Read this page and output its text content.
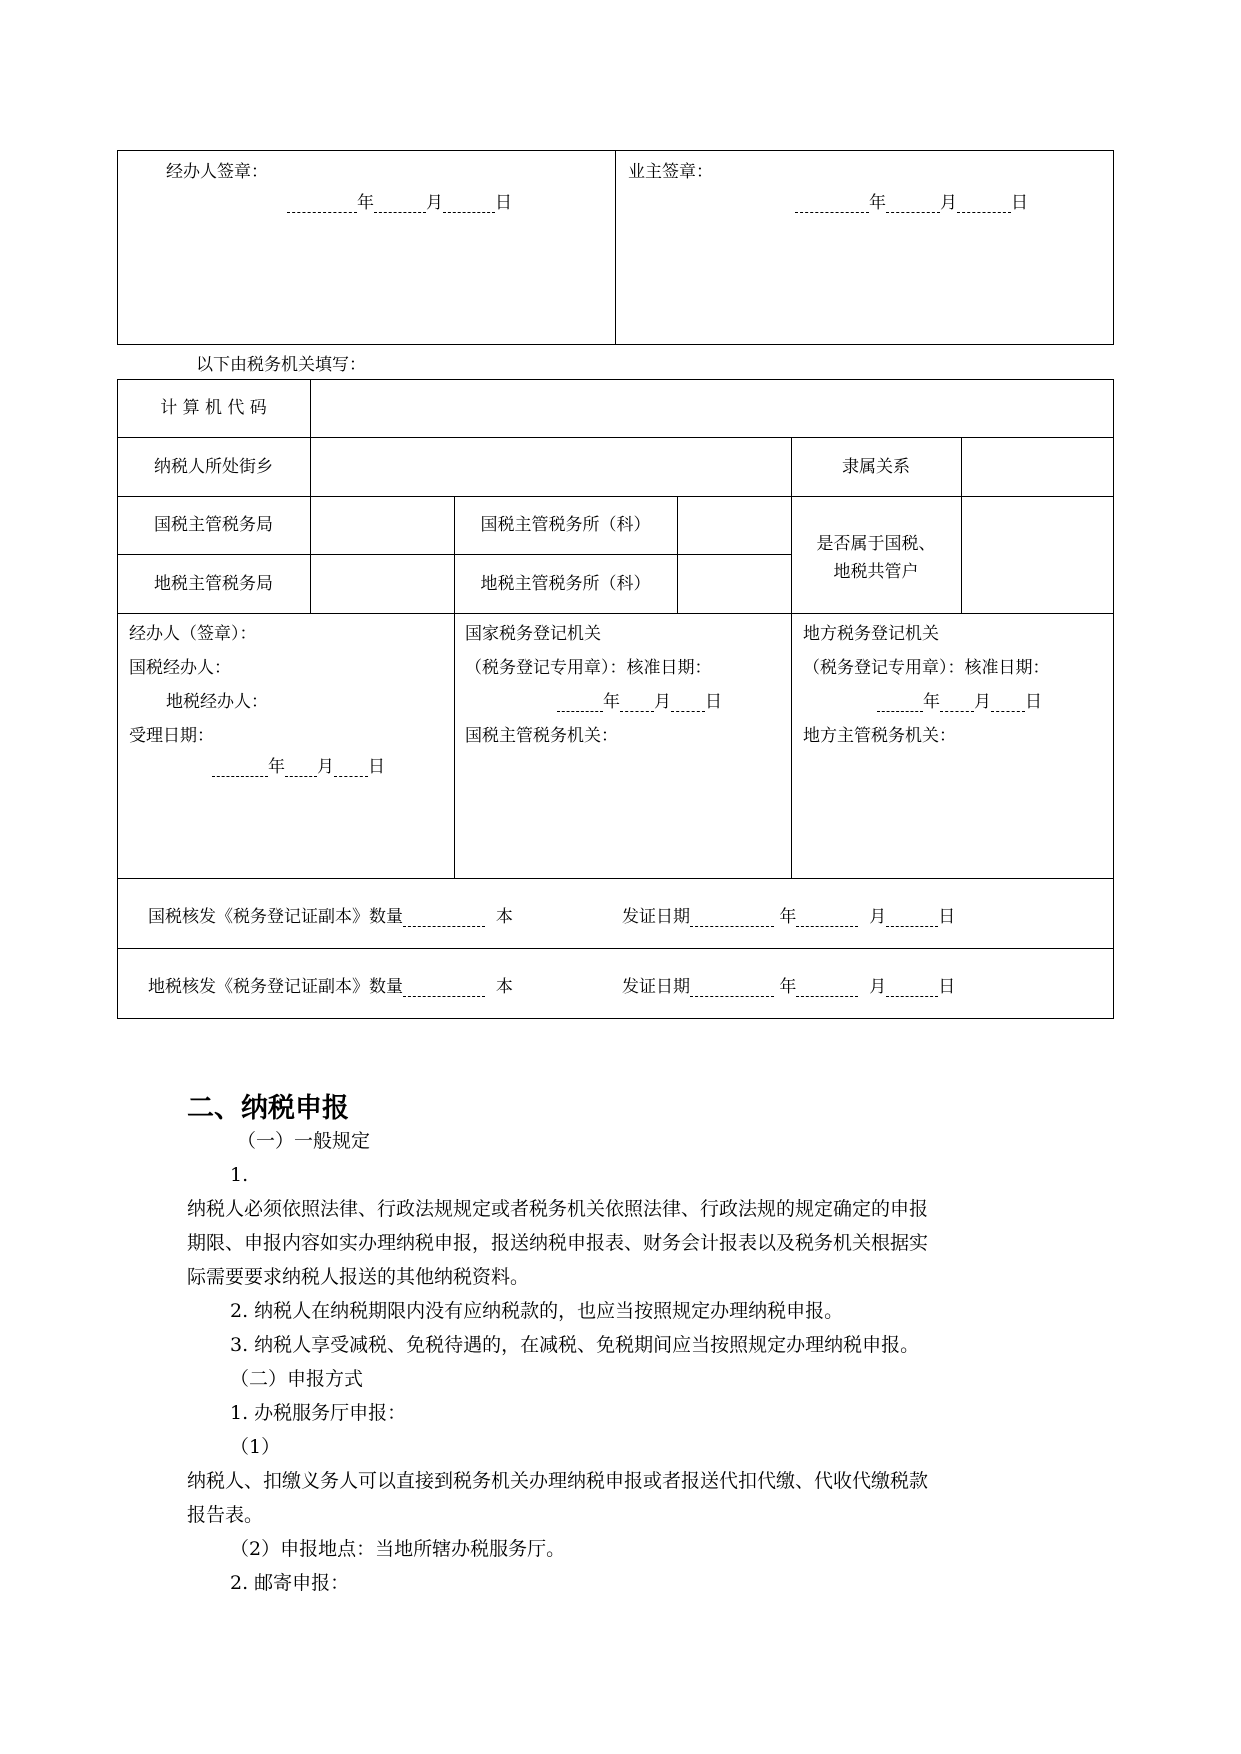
经办人签章：
年	月	日
业主签章：
年	月	日
以下由税务机关填写：
计 算 机 代 码
纳税人所处街乡	隶属关系
国税主管税务局	国税主管税务所（科）
地税主管税务局	地税主管税务所（科）
是否属于国税、
地税共管户
经办人（签章）：
国税经办人：
地税经办人：
受理日期：
年 月 日
国家税务登记机关
（税务登记专用章）：核准日期：
年 月 日
国税主管税务机关：
地方税务登记机关
（税务登记专用章）：核准日期：
年 月 日
地方主管税务机关：
国税核发《税务登记证副本》数量	本	发证日期	年	月	日
地税核发《税务登记证副本》数量	本	发证日期	年	月	日
二、纳税申报
（一）一般规定
1.
纳税人必须依照法律、行政法规规定或者税务机关依照法律、行政法规的规定确定的申报
期限、申报内容如实办理纳税申报，报送纳税申报表、财务会计报表以及税务机关根据实
际需要要求纳税人报送的其他纳税资料。
2. 纳税人在纳税期限内没有应纳税款的，也应当按照规定办理纳税申报。
3. 纳税人享受减税、免税待遇的，在减税、免税期间应当按照规定办理纳税申报。
（二）申报方式
1. 办税服务厅申报：
（1）
纳税人、扣缴义务人可以直接到税务机关办理纳税申报或者报送代扣代缴、代收代缴税款
报告表。
（2）申报地点：当地所辖办税服务厅。
2. 邮寄申报：
